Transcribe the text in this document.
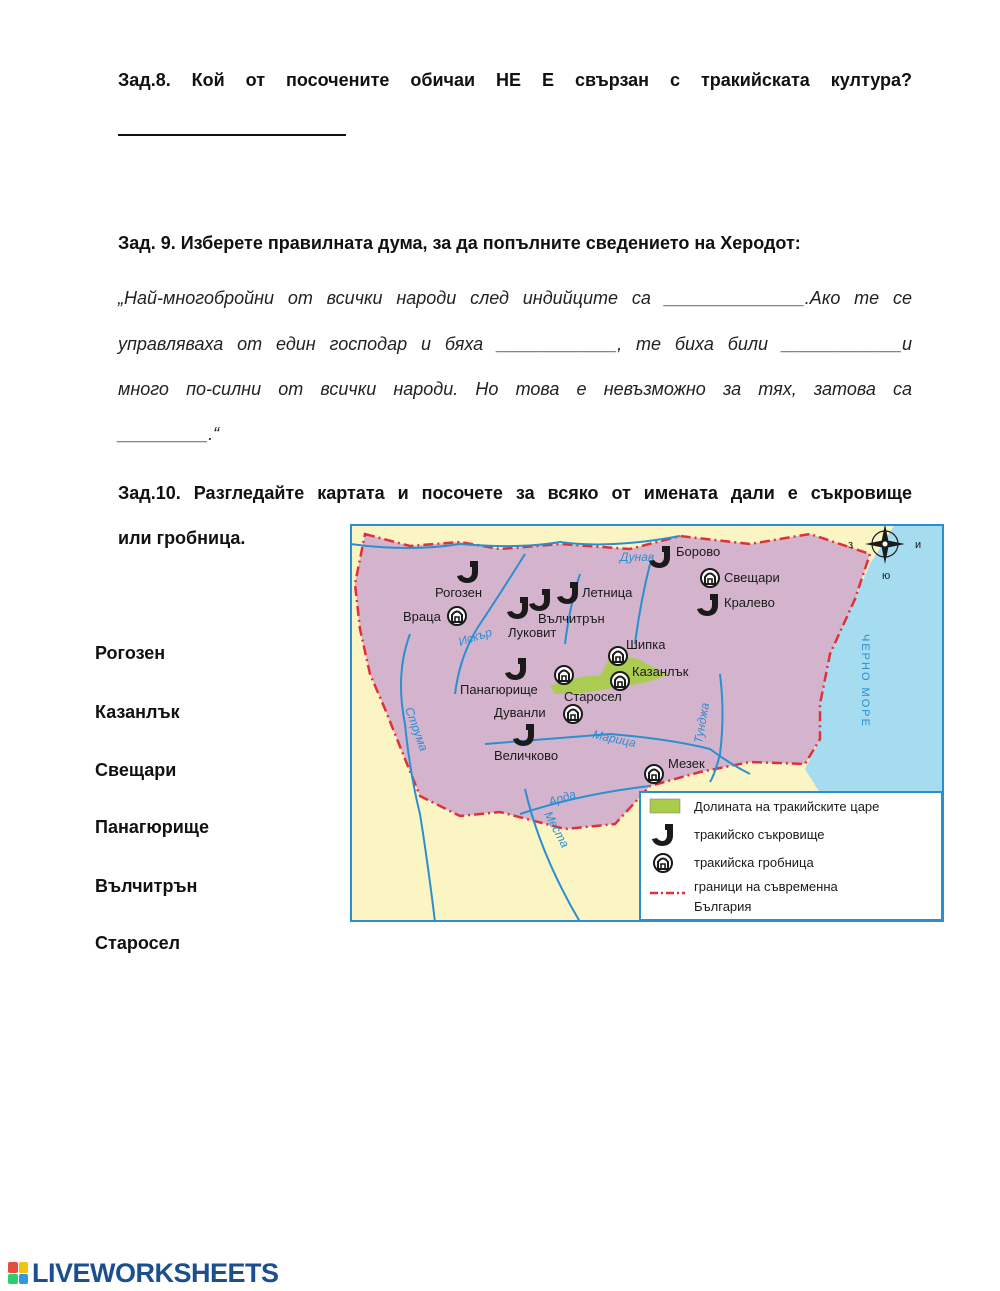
Зад.8. Кой от посочените обичаи НЕ Е свързан с тракийската култура?
Зад. 9. Изберете правилната дума, за да попълните сведението на Херодот:
„Най-многобройни от всички народи след индийците са ______________.Ако те се
управляваха от един господар и бяха ____________, те биха били ____________и
много по-силни от всички народи. Но това е невъзможно за тях, затова са
_________.“
Зад.10. Разгледайте картата и посочете за всяко от имената дали е съкровище
или гробница.
Рогозен
Казанлък
Свещари
Панагюрище
Вълчитрън
Старосел
Дунав
Искър
Струма	Марица	Тунджа
Арда
Места
ЧЕРНО МОРЕ
з	и
ю
Борово
Свещари
Кралево
Рогозен	Летница
Враца	Вълчитрън
Луковит
Шипка
Казанлък
Панагюрище Старосел
Дуванли
Величково
Мезек
Долината на тракийските царе
тракийско съкровище
тракийска гробница
граници на съвременна
България
LIVEWORKSHEETS
